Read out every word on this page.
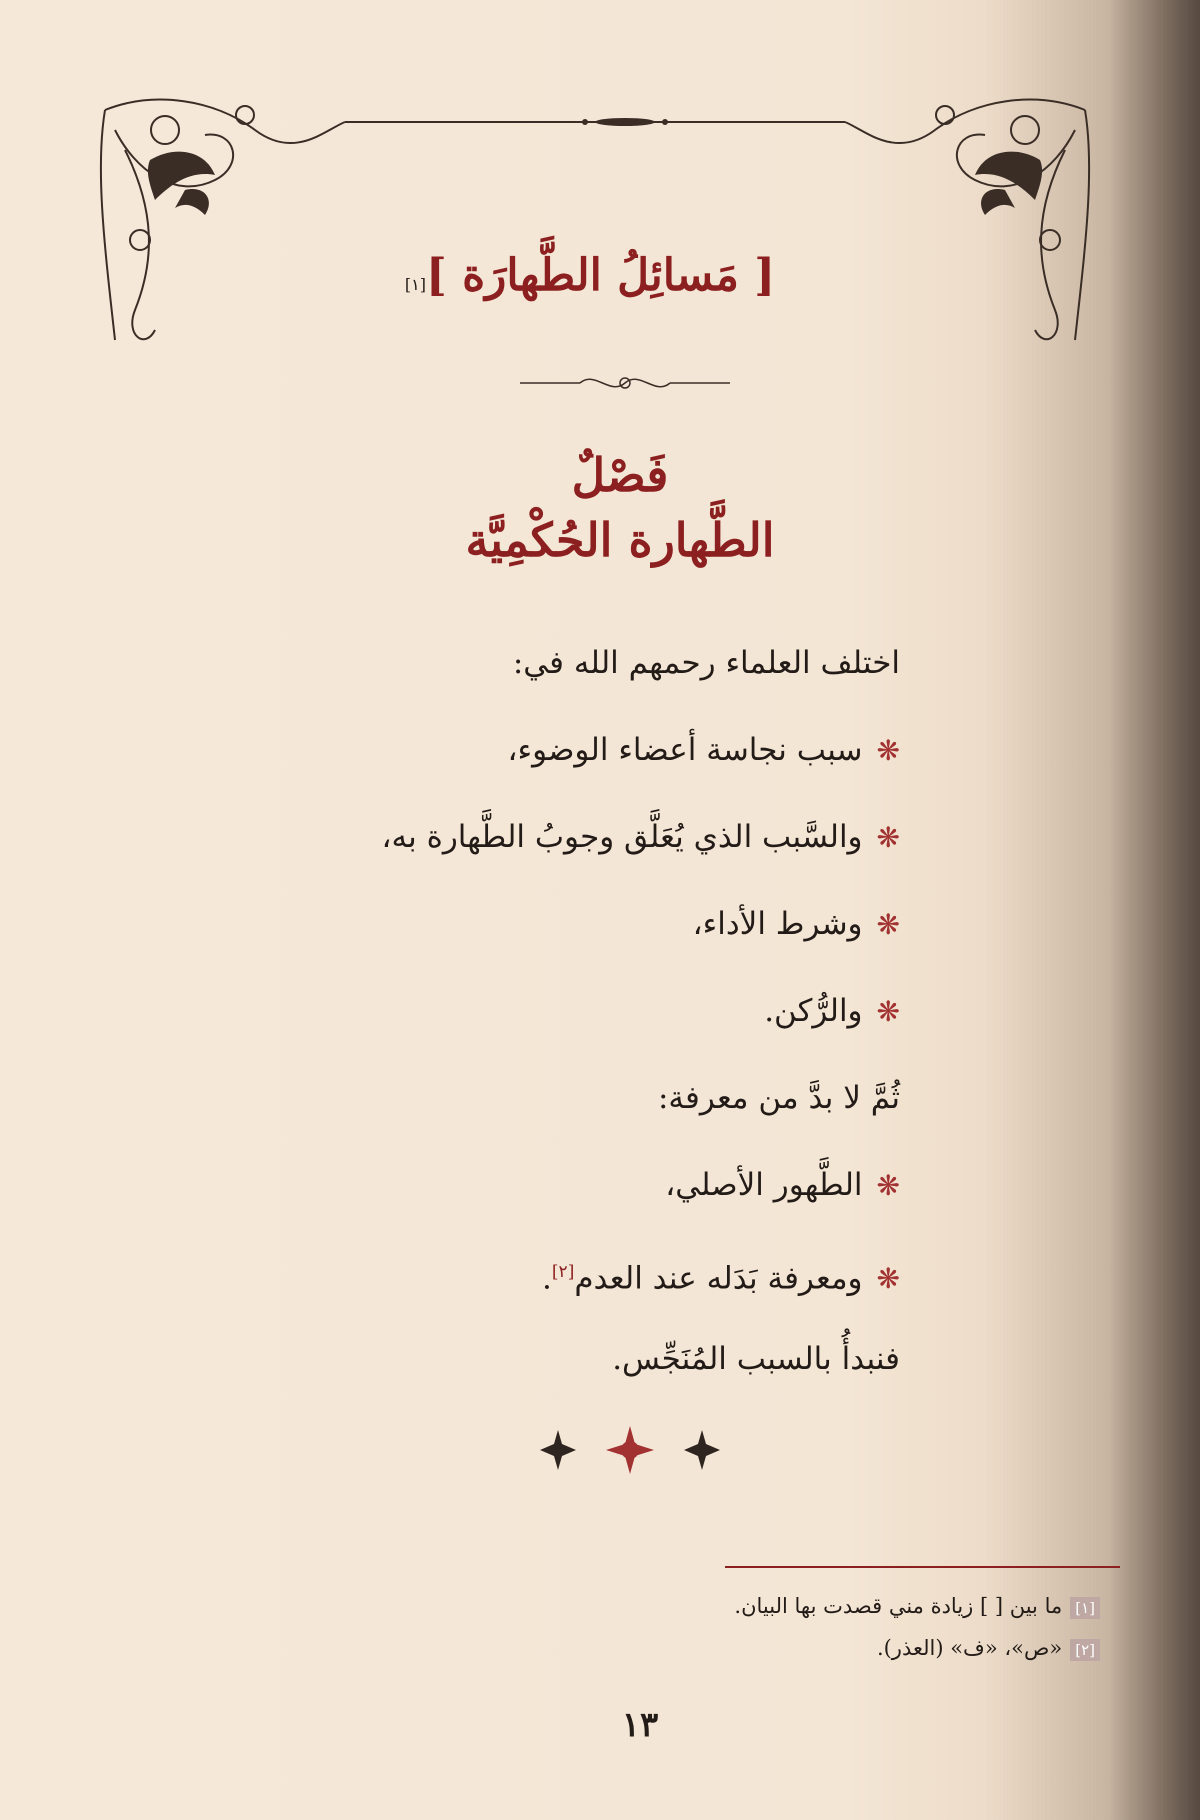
[ مَسائِلُ الطَّهارَة ][١]
فَصْلٌ
الطَّهارة الحُكْمِيَّة
اختلف العلماء رحمهم الله في:
❋سبب نجاسة أعضاء الوضوء،
❋والسَّبب الذي يُعَلَّق وجوبُ الطَّهارة به،
❋وشرط الأداء،
❋والرُّكن.
ثُمَّ لا بدَّ من معرفة:
❋الطَّهور الأصلي،
❋ومعرفة بَدَله عند العدم[٢].
فنبدأُ بالسبب المُنَجِّس.
[١]ما بين [ ] زيادة مني قصدت بها البيان.
[٢]«ص»، «ف» (العذر).
١٣
